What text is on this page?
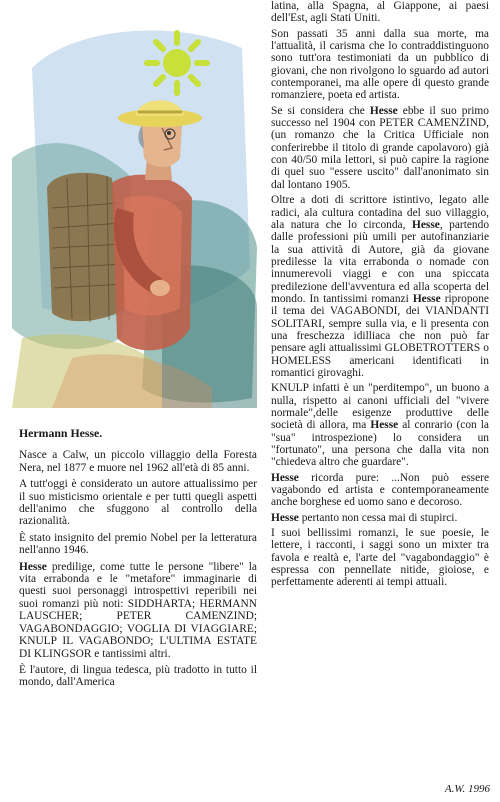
Hermann Hesse.

Nasce a Calw, un piccolo villaggio della Foresta Nera, nel 1877 e muore nel 1962 all'età di 85 anni.

A tutt'oggi è considerato un autore attualissimo per il suo misticismo orientale e per tutti quegli aspetti dell'animo che sfuggono al controllo della razionalità.

È stato insignito del premio Nobel per la letteratura nell'anno 1946.

Hesse predilige, come tutte le persone "libere" la vita errabonda e le "metafore" immaginarie di questi suoi personaggi introspettivi reperibili nei suoi romanzi più noti: SIDDHARTA; HERMANN LAUSCHER; PETER CAMENZIND; VAGABONDAGGIO; VOGLIA DI VIAGGIARE; KNULP IL VAGABONDO; L'ULTIMA ESTATE DI KLINGSOR e tantissimi altri.

È l'autore, di lingua tedesca, più tradotto in tutto il mondo, dall'America

latina, alla Spagna, al Giappone, ai paesi dell'Est, agli Stati Uniti.

Son passati 35 anni dalla sua morte, ma l'attualità, il carisma che lo contraddistinguono sono tutt'ora testimoniati da un pubblico di giovani, che non rivolgono lo sguardo ad autori contemporanei, ma alle opere di questo grande romanziere, poeta ed artista.

Se si considera che Hesse ebbe il suo primo successo nel 1904 con PETER CAMENZIND, (un romanzo che la Critica Ufficiale non conferirebbe il titolo di grande capolavoro) già con 40/50 mila lettori, si può capire la ragione di quel suo "essere uscito" dall'anonimato sin dal lontano 1905.

Oltre a doti di scrittore istintivo, legato alle radici, ala cultura contadina del suo villaggio, ala natura che lo circonda, Hesse, partendo dalle professioni più umili per autofinanziarie la sua attività di Autore, già da giovane predilesse la vita errabonda o nomade con innumerevoli viaggi e con una spiccata predilezione dell'avventura ed alla scoperta del mondo. In tantissimi romanzi Hesse ripropone il tema dei VAGABONDI, dei VIANDANTI SOLITARI, sempre sulla via, e li presenta con una freschezza idilliaca che non può far pensare agli attualissimi GLOBETROTTERS o HOMELESS americani identificati in romantici girovaghi.

KNULP infatti è un "perditempo", un buono a nulla, rispetto ai canoni ufficiali del "vivere normale",delle esigenze produttive delle società di allora, ma Hesse al conrario (con la "sua" introspezione) lo considera un "fortunato", una persona che dalla vita non "chiedeva altro che guardare".

Hesse ricorda pure: ...Non può essere vagabondo ed artista e contemporaneamente anche borghese ed uomo sano e decoroso.

Hesse pertanto non cessa mai di stupirci.

I suoi bellissimi romanzi, le sue poesie, le lettere, i racconti, i saggi sono un mixter tra favola e realtà e, l'arte del "vagabondaggio" è espressa con pennellate nitide, gioiose, e perfettamente aderenti ai tempi attuali.

A.W. 1996
